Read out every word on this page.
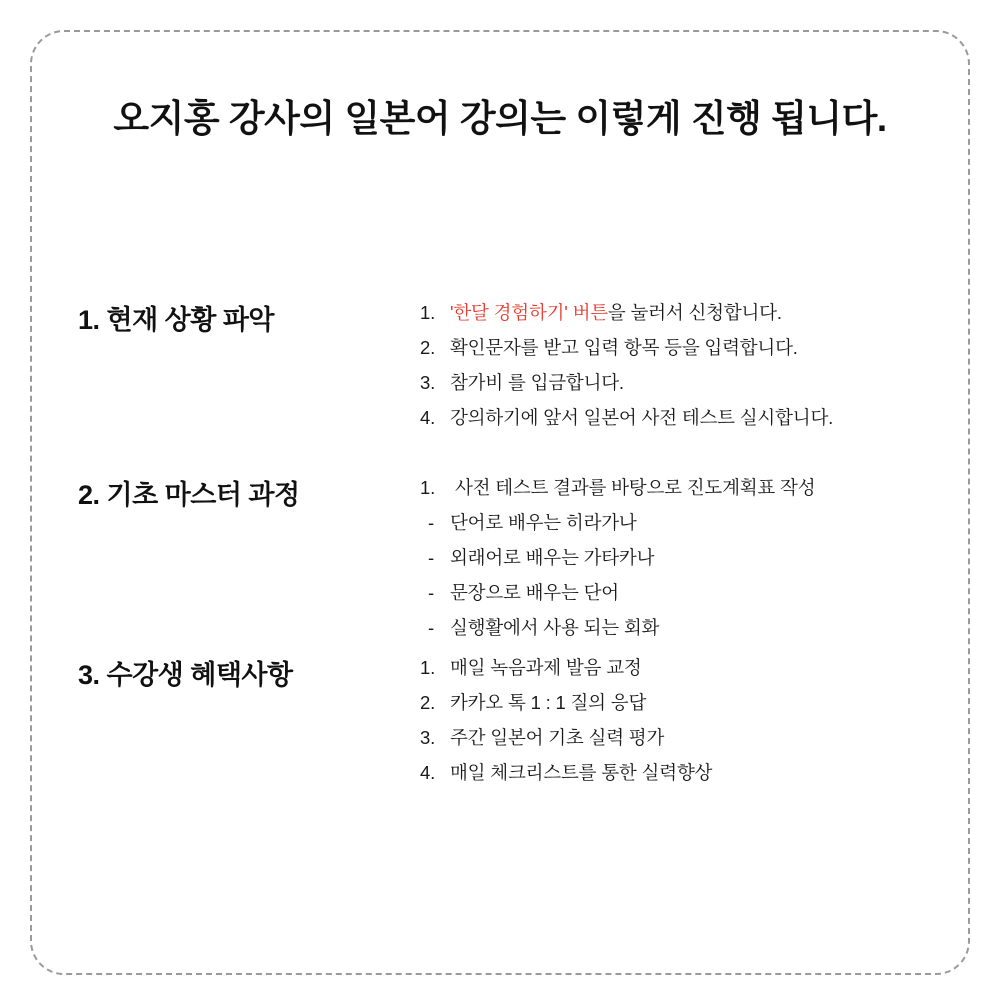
오지홍 강사의 일본어 강의는 이렇게 진행 됩니다.
1. 현재 상황 파악	1. '한달 경험하기' 버튼을 눌러서 신청합니다.
2. 확인문자를 받고 입력 항목 등을 입력합니다.
3. 참가비 를 입금합니다.
4. 강의하기에 앞서 일본어 사전 테스트 실시합니다.
2. 기초 마스터 과정	1. 사전 테스트 결과를 바탕으로 진도계획표 작성
- 단어로 배우는 히라가나
- 외래어로 배우는 가타카나
- 문장으로 배우는 단어
- 실행활에서 사용 되는 회화
3. 수강생 혜택사항	1. 매일 녹음과제 발음 교정
2. 카카오 톡 1 : 1 질의 응답
3. 주간 일본어 기초 실력 평가
4. 매일 체크리스트를 통한 실력향상
